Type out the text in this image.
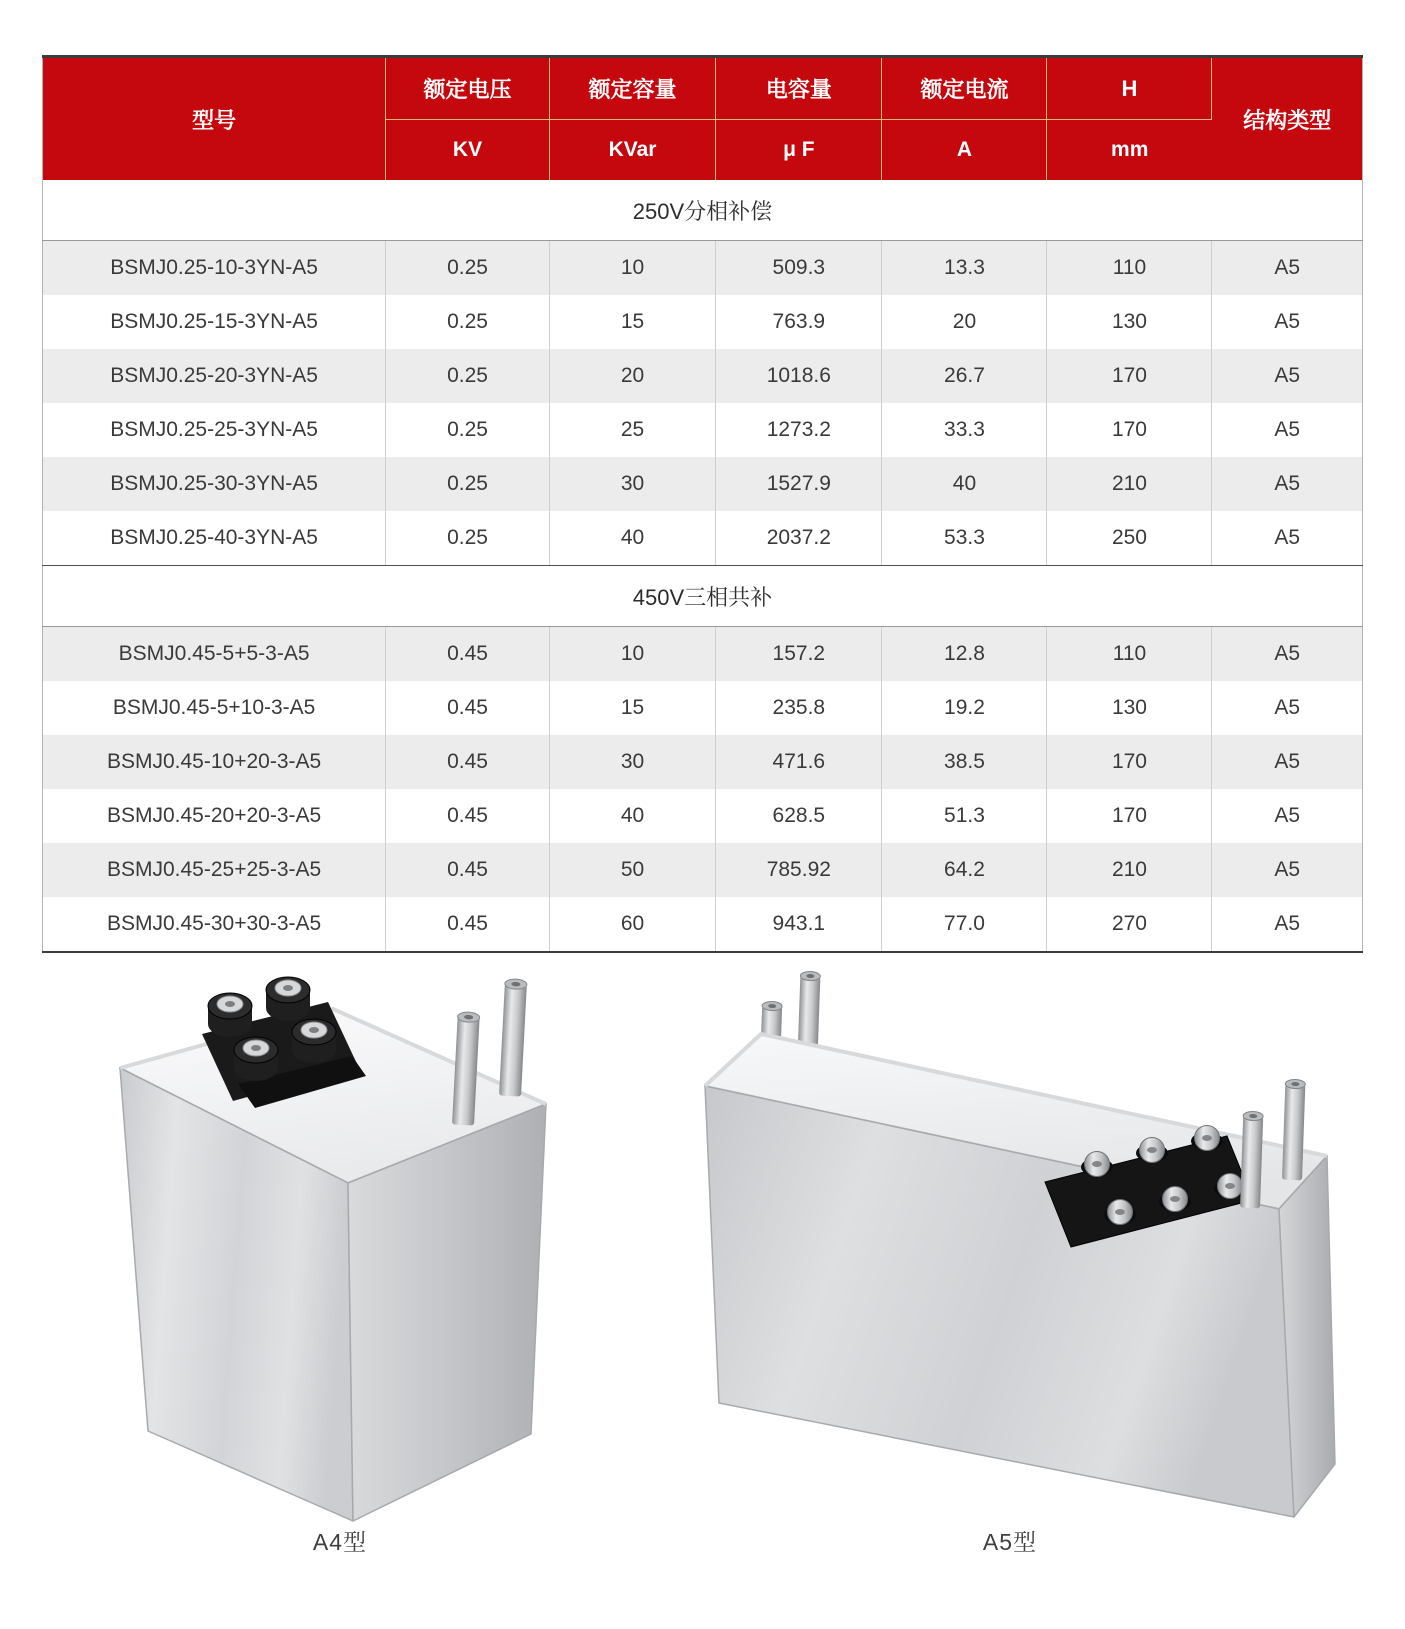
型号	额定电压	额定容量	电容量	额定电流	H	结构类型
	KV	KVar	μ F	A	mm	
250V分相补偿						
BSMJ0.25-10-3YN-A5	0.25	10	509.3	13.3	110	A5
BSMJ0.25-15-3YN-A5	0.25	15	763.9	20	130	A5
BSMJ0.25-20-3YN-A5	0.25	20	1018.6	26.7	170	A5
BSMJ0.25-25-3YN-A5	0.25	25	1273.2	33.3	170	A5
BSMJ0.25-30-3YN-A5	0.25	30	1527.9	40	210	A5
BSMJ0.25-40-3YN-A5	0.25	40	2037.2	53.3	250	A5
450V三相共补						
BSMJ0.45-5+5-3-A5	0.45	10	157.2	12.8	110	A5
BSMJ0.45-5+10-3-A5	0.45	15	235.8	19.2	130	A5
BSMJ0.45-10+20-3-A5	0.45	30	471.6	38.5	170	A5
BSMJ0.45-20+20-3-A5	0.45	40	628.5	51.3	170	A5
BSMJ0.45-25+25-3-A5	0.45	50	785.92	64.2	210	A5
BSMJ0.45-30+30-3-A5	0.45	60	943.1	77.0	270	A5
A4型	A5型
